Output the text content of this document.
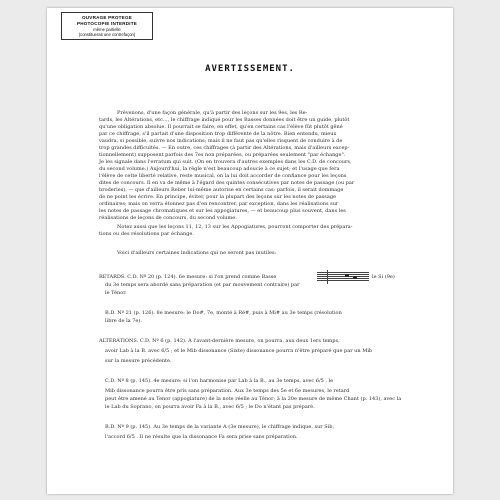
OUVRAGE PROTEGE
PHOTOCOPIE INTERDITE
même partielle
(constituerait une contrefaçon)
AVERTISSEMENT.
Prévenons, d'une façon générale, qu'à partir des leçons sur les 9es, les Re-
tards, les Altérations, etc..., le chiffrage indiqué pour les Basses données doit être un guide, plutôt
qu'une obligation absolue. Il pourrait se faire, en effet, qu'en certains cas l'élève fût plutôt gêné
par ce chiffrage, s'il partait d'une disposition trop différente de la nôtre. Bien entendu, mieux
vaudra, si possible, suivre nos indications; mais il ne faut pas qu'elles risquent de conduire à de
trop grandes difficultés. — En outre, ces chiffrages (à partir des Altérations, mais d'ailleurs excep-
tionnellement) supposent parfois des 7es non préparées, ou préparées seulement "par échange".
Je les signale dans l'erratum qui suit. (On en trouvera d'autres exemples dans les C.D. de concours,
du second volume.) Aujourd'hui, la règle n'est beaucoup adoucie à ce sujet; et l'usage que fera
l'élève de cette liberté relative, reste musical, on la lui doit accorder de confiance pour les leçons
dites de concours. Il en va de même à l'égard des quintes consécutives par notes de passage (ou par
broderies), — que d'ailleurs Reber lui-même autorise en certains cas: parfois, il serait dommage
de ne point les écrire. En principe, éviter, pour la plupart des leçons sur les notes de passage
ordinaires; mais on verra étonnez pas d'en rencontrer, par exception, dans les réalisations sur
les notes de passage chromatiques et sur les appogiatures, — et beaucoup plus souvent, dans les
réalisations de leçons de concours, du second volume.
Notez aussi que les leçons 11, 12, 13 sur les Appogiatures, pourront comporter des prépara-
tions ou des résolutions par échange.
Voici d'ailleurs certaines indications qui ne seront pas inutiles:
RETARDS. C.D. Nº 20 (p. 124). 6e mesure: si l'on prend comme Basse	le Si (9e)
du 3e temps sera abordé sans préparation (et par mouvement contraire) par
le Ténor.
B.D. Nº 21 (p. 126). 8e mesure: le Do#, 7e, monté à Ré#, puis à Mi# au 3e temps (résolution
libre de la 7e).
ALTÉRATIONS. C.D. Nº 6 (p. 142). A l'avant-dernière mesure, on pourra, aux deux 1ers temps,
avoir Lab à la B. avec 6/5 ; et le Mib dissonance (Sixte) dissonance pourra n'être préparé que par un Mib
sur la mesure précédente.
C.D. Nº 8 (p. 145). 4e mesure: si l'on harmonise par Lab à la B., au 3e temps, avec 6/5 , le
Mib dissonance pourra être pris sans préparation. Aux 3e temps des 5e et 6e mesures, le retard
peut être amené au Tenor (appogiature) de la note réelle au Ténor; à la 20e mesure de même Chant (p. 143), avec la
le Lab du Soprano, on pourra avoir Fa à la B., avec 6/5 ; le Do n'étant pas préparé.
B.D. Nº 9 (p. 145). Au 3e temps de la variante A (3e mesure), le chiffrage indique, sur Sib,
l'accord 6/5 . Il ne résulte que la dissonance Fa sera prise sans préparation.
